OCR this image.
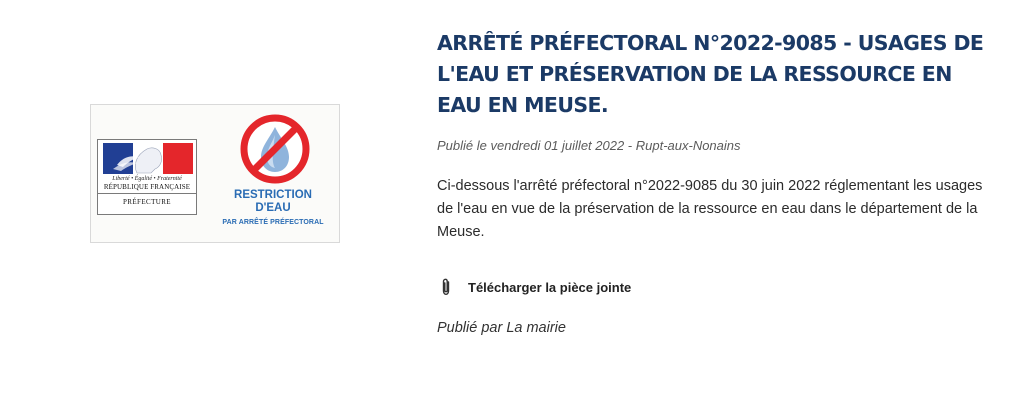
Liberté • Égalité • Fraternité
RÉPUBLIQUE FRANÇAISE
PRÉFECTURE
RESTRICTION
D'EAU
PAR ARRÊTÉ PRÉFECTORAL
ARRÊTÉ PRÉFECTORAL N°2022-9085 - USAGES DE L'EAU ET PRÉSERVATION DE LA RESSOURCE EN EAU EN MEUSE.
Publié le vendredi 01 juillet 2022 - Rupt-aux-Nonains
Ci-dessous l'arrêté préfectoral n°2022-9085 du 30 juin 2022 réglementant les usages de l'eau en vue de la préservation de la ressource en eau dans le département de la Meuse.
Télécharger la pièce jointe
Publié par La mairie
